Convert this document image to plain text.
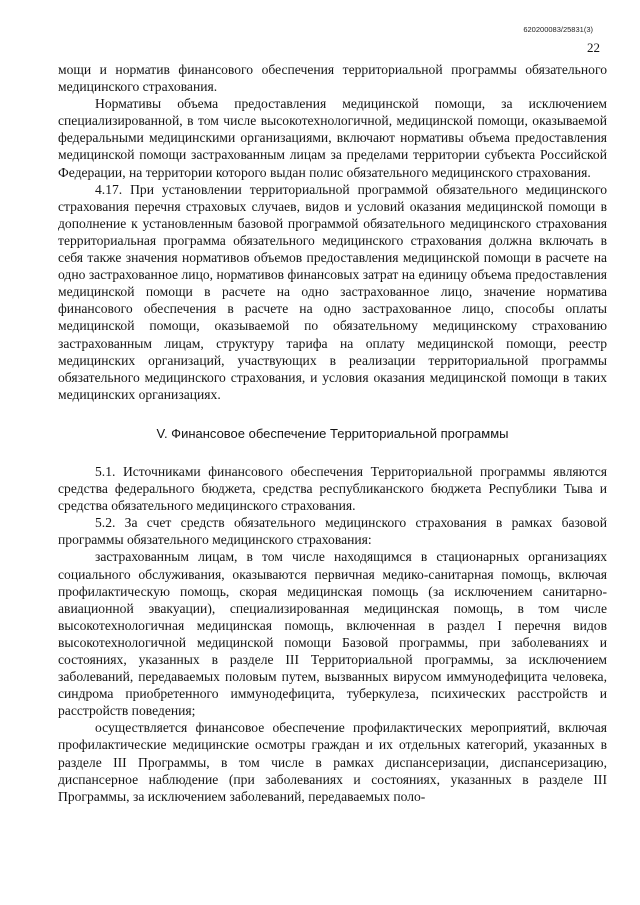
620200083/25831(3)
22

мощи и норматив финансового обеспечения территориальной программы обязательного медицинского страхования.

Нормативы объема предоставления медицинской помощи, за исключением специализированной, в том числе высокотехнологичной, медицинской помощи, оказываемой федеральными медицинскими организациями, включают нормативы объема предоставления медицинской помощи застрахованным лицам за пределами территории субъекта Российской Федерации, на территории которого выдан полис обязательного медицинского страхования.

4.17. При установлении территориальной программой обязательного медицинского страхования перечня страховых случаев, видов и условий оказания медицинской помощи в дополнение к установленным базовой программой обязательного медицинского страхования территориальная программа обязательного медицинского страхования должна включать в себя также значения нормативов объемов предоставления медицинской помощи в расчете на одно застрахованное лицо, нормативов финансовых затрат на единицу объема предоставления медицинской помощи в расчете на одно застрахованное лицо, значение норматива финансового обеспечения в расчете на одно застрахованное лицо, способы оплаты медицинской помощи, оказываемой по обязательному медицинскому страхованию застрахованным лицам, структуру тарифа на оплату медицинской помощи, реестр медицинских организаций, участвующих в реализации территориальной программы обязательного медицинского страхования, и условия оказания медицинской помощи в таких медицинских организациях.

V. Финансовое обеспечение Территориальной программы

5.1. Источниками финансового обеспечения Территориальной программы являются средства федерального бюджета, средства республиканского бюджета Республики Тыва и средства обязательного медицинского страхования.

5.2. За счет средств обязательного медицинского страхования в рамках базовой программы обязательного медицинского страхования:

застрахованным лицам, в том числе находящимся в стационарных организациях социального обслуживания, оказываются первичная медико-санитарная помощь, включая профилактическую помощь, скорая медицинская помощь (за исключением санитарно-авиационной эвакуации), специализированная медицинская помощь, в том числе высокотехнологичная медицинская помощь, включенная в раздел I перечня видов высокотехнологичной медицинской помощи Базовой программы, при заболеваниях и состояниях, указанных в разделе III Территориальной программы, за исключением заболеваний, передаваемых половым путем, вызванных вирусом иммунодефицита человека, синдрома приобретенного иммунодефицита, туберкулеза, психических расстройств и расстройств поведения;

осуществляется финансовое обеспечение профилактических мероприятий, включая профилактические медицинские осмотры граждан и их отдельных категорий, указанных в разделе III Программы, в том числе в рамках диспансеризации, диспансеризацию, диспансерное наблюдение (при заболеваниях и состояниях, указанных в разделе III Программы, за исключением заболеваний, передаваемых поло-
